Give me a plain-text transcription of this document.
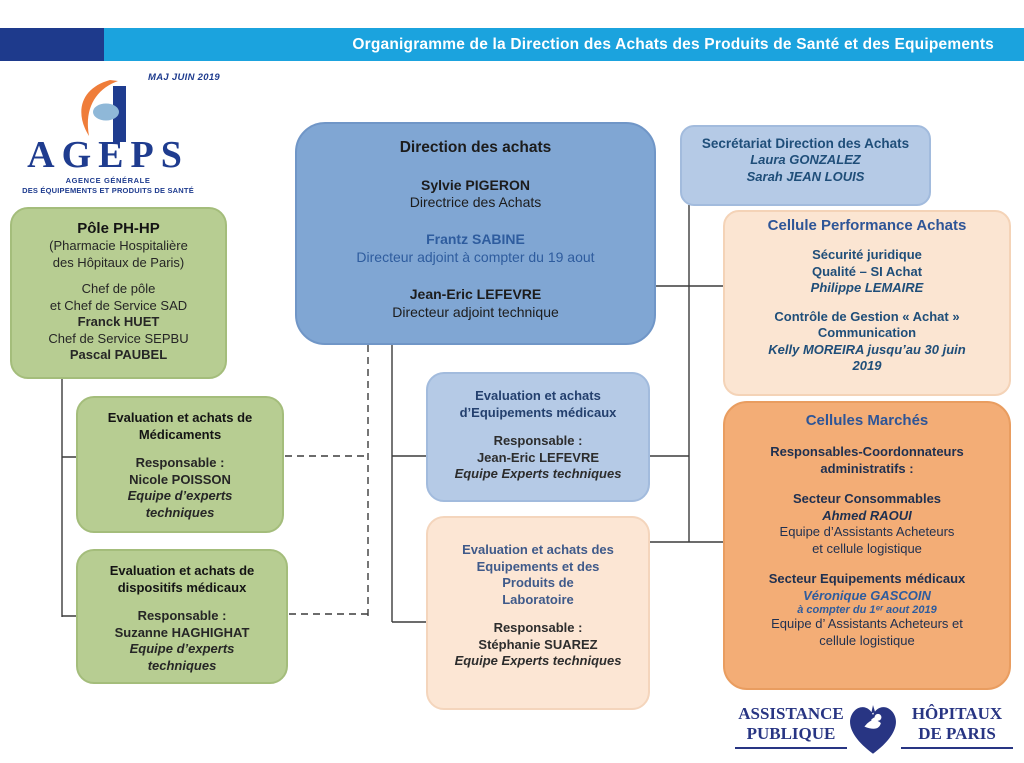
Organigramme de la Direction des Achats des Produits de Santé et des Equipements
MAJ JUIN 2019
AGEPS
AGENCE GÉNÉRALE
DES ÉQUIPEMENTS ET PRODUITS DE SANTÉ
Pôle PH-HP
(Pharmacie Hospitalière
des Hôpitaux de Paris)
Chef de pôle
et Chef de Service SAD
Franck HUET
Chef de Service SEPBU
Pascal PAUBEL
Direction des achats
Sylvie PIGERON
Directrice des Achats
Frantz SABINE
Directeur adjoint à compter du 19 aout
Jean-Eric LEFEVRE
Directeur adjoint technique
Secrétariat Direction des Achats
Laura GONZALEZ
Sarah JEAN LOUIS
Cellule Performance Achats
Sécurité juridique
Qualité – SI Achat
Philippe LEMAIRE
Contrôle de Gestion « Achat »
Communication
Kelly MOREIRA jusqu’au 30 juin
2019
Cellules Marchés
Responsables-Coordonnateurs
administratifs :
Secteur Consommables
Ahmed RAOUI
Equipe d’Assistants Acheteurs
et cellule logistique
Secteur Equipements médicaux
Véronique GASCOIN
à compter du 1ᵉʳ aout 2019
Equipe d’ Assistants Acheteurs et
cellule logistique
Evaluation et achats de
Médicaments
Responsable :
Nicole POISSON
Equipe d’experts
techniques
Evaluation et achats de
dispositifs médicaux
Responsable :
Suzanne HAGHIGHAT
Equipe d’experts
techniques
Evaluation et achats
d’Equipements médicaux
Responsable :
Jean-Eric LEFEVRE
Equipe Experts techniques
Evaluation et achats des
Equipements et des
Produits de
Laboratoire
Responsable :
Stéphanie SUAREZ
Equipe Experts techniques
ASSISTANCE
PUBLIQUE
HÔPITAUX
DE PARIS
